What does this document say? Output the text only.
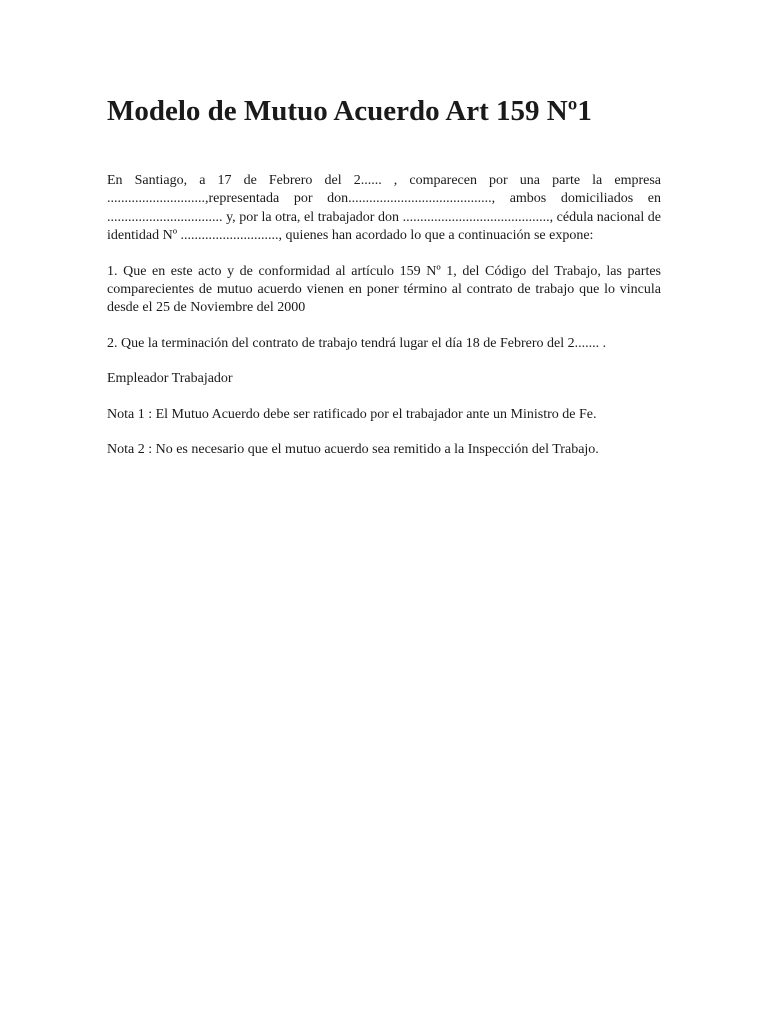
Modelo de Mutuo Acuerdo Art 159 Nº1

En Santiago, a 17 de Febrero del 2...... , comparecen por una parte la empresa ............................,representada por don........................................., ambos domiciliados en ................................. y, por la otra, el trabajador don .........................................., cédula nacional de identidad Nº ............................, quienes han acordado lo que a continuación se expone:

1. Que en este acto y de conformidad al artículo 159 Nº 1, del Código del Trabajo, las partes comparecientes de mutuo acuerdo vienen en poner término al contrato de trabajo que lo vincula desde el 25 de Noviembre del 2000

2. Que la terminación del contrato de trabajo tendrá lugar el día 18 de Febrero del 2....... .

Empleador Trabajador

Nota 1 : El Mutuo Acuerdo debe ser ratificado por el trabajador ante un Ministro de Fe.

Nota 2 : No es necesario que el mutuo acuerdo sea remitido a la Inspección del Trabajo.
